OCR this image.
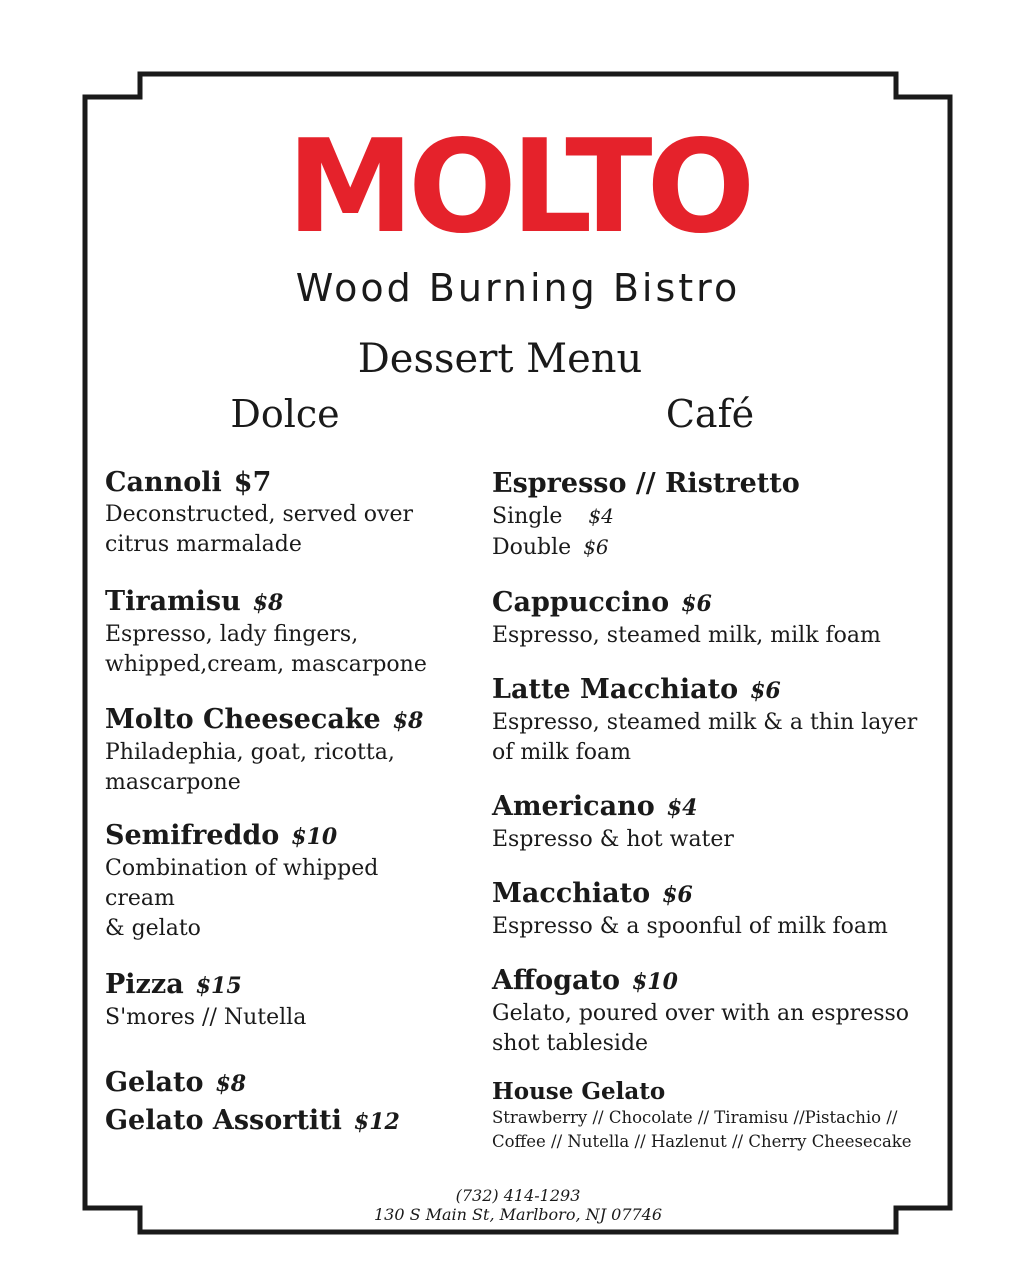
MOLTO
Wood Burning Bistro
Dessert Menu
Dolce	Café
Cannoli $7
Deconstructed, served over
citrus marmalade
Tiramisu $8
Espresso, lady fingers,
whipped,cream, mascarpone
Molto Cheesecake $8
Philadephia, goat, ricotta,
mascarpone
Semifreddo $10
Combination of whipped
cream
& gelato
Pizza $15
S'mores // Nutella
Gelato $8
Gelato Assortiti $12
Espresso // Ristretto
Single $4
Double $6
Cappuccino $6
Espresso, steamed milk, milk foam
Latte Macchiato $6
Espresso, steamed milk & a thin layer
of milk foam
Americano $4
Espresso & hot water
Macchiato $6
Espresso & a spoonful of milk foam
Affogato $10
Gelato, poured over with an espresso
shot tableside
House Gelato
Strawberry // Chocolate // Tiramisu //Pistachio //
Coffee // Nutella // Hazlenut // Cherry Cheesecake
(732) 414-1293
130 S Main St, Marlboro, NJ 07746
